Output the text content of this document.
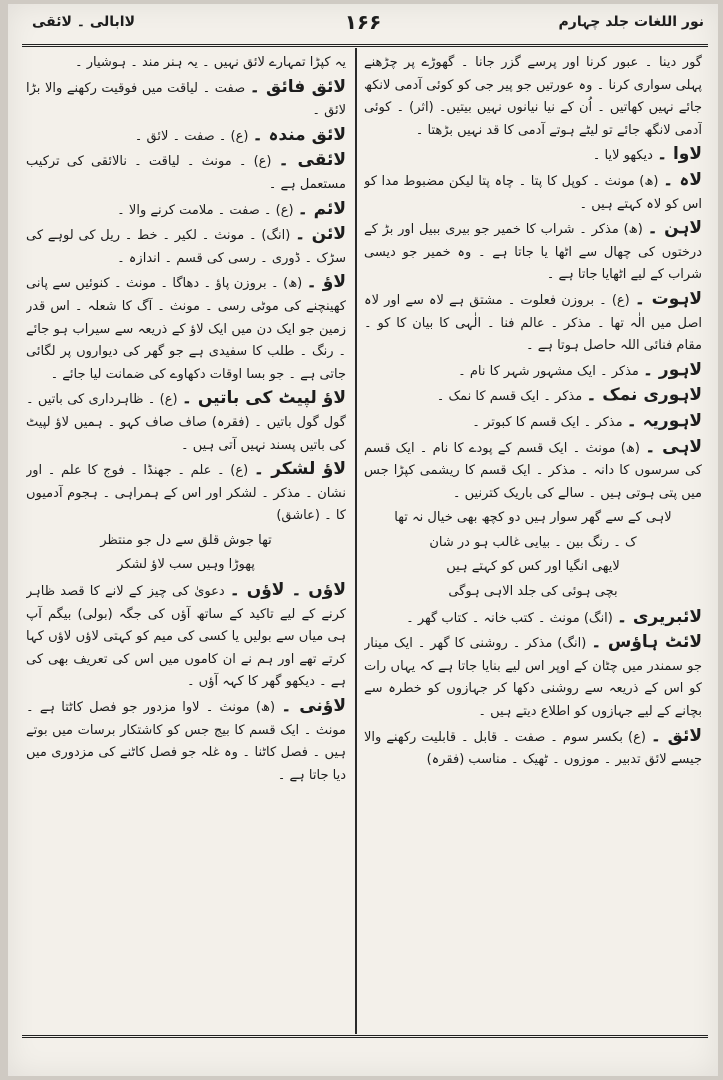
نور اللغات جلد چہارم
۱۶۶
لاابالی ۔ لائقی
گور دینا ۔ عبور کرنا اور پرسے گزر جانا ۔ گھوڑے پر چڑھنے پہلی سواری کرنا ۔ وہ عورتیں جو پیر جی کو کوئی آدمی لانکھ جائے نہیں کھاتیں ۔ اُن کے نیا نیانوں نہیں بیتیں۔ (اثر) ۔ کوئی آدمی لانگھ جائے تو لیٹے ہوتے آدمی کا قد نہیں بڑھتا ۔
لاوا ۔ دیکھو لایا ۔
لاہ ۔ (ھ) مونث ۔ کوپل کا پتا ۔ چاہ پتا لیکن مضبوط مدا کو اس کو لاہ کہتے ہیں ۔
لاہن ۔ (ھ) مذکر ۔ شراب کا خمیر جو بیری ببیل اور بڑ کے درختوں کی چھال سے اٹھا یا جاتا ہے ۔ وہ خمیر جو دیسی شراب کے لیے اٹھایا جاتا ہے ۔
لاہوت ۔ (ع) ۔ بروزن فعلوت ۔ مشتق ہے لاہ سے اور لاہ اصل میں الٰہ تھا ۔ مذکر ۔ عالم فنا ۔ الٰہی کا بیان کا کو ۔ مقام فنائی اللہ حاصل ہوتا ہے ۔
لاہور ۔ مذکر ۔ ایک مشہور شہر کا نام ۔
لاہوری نمک ۔ مذکر ۔ ایک قسم کا نمک ۔
لاہوریہ ۔ مذکر ۔ ایک قسم کا کبوتر ۔
لاہی ۔ (ھ) مونث ۔ ایک قسم کے پودے کا نام ۔ ایک قسم کی سرسوں کا دانہ ۔ مذکر ۔ ایک قسم کا ریشمی کپڑا جس میں پتی ہوتی ہیں ۔ سالے کی باریک کترنیں ۔
لاہی کے سے گھر سوار ہیں دو کچھ بھی خیال نہ تھا
ک ۔ رنگ بین ۔ بیایی غالب ہو در شان
لایھی انگیا اور کس کو کہتے ہیں
بچی ہوئی کی جلد الاہی ہوگی
لائبریری ۔ (انگ) مونث ۔ کتب خانہ ۔ کتاب گھر ۔
لائٹ ہاؤس ۔ (انگ) مذکر ۔ روشنی کا گھر ۔ ایک مینار جو سمندر میں چٹان کے اوپر اس لیے بنایا جاتا ہے کہ یہاں رات کو اس کے ذریعہ سے روشنی دکھا کر جہازوں کو خطرہ سے بچانے کے لیے جہازوں کو اطلاع دیتے ہیں ۔
لائق ۔ (ع) بکسر سوم ۔ صفت ۔ قابل ۔ قابلیت رکھنے والا جیسے لائق تدبیر ۔ موزوں ۔ ٹھیک ۔ مناسب (فقرہ)
یہ کپڑا تمہارے لائق نہیں ۔ یہ ہنر مند ۔ ہوشیار ۔
لائق فائق ۔ صفت ۔ لیاقت میں فوقیت رکھنے والا بڑا لائق ۔
لائق مندہ ۔ (ع) ۔ صفت ۔ لائق ۔
لائقی ۔ (ع) ۔ مونث ۔ لیاقت ۔ نالائقی کی ترکیب مستعمل ہے ۔
لائم ۔ (ع) ۔ صفت ۔ ملامت کرنے والا ۔
لائن ۔ (انگ) ۔ مونث ۔ لکیر ۔ خط ۔ ریل کی لوہے کی سڑک ۔ ڈوری ۔ رسی کی قسم ۔ اندازہ ۔
لاؤ ۔ (ھ) ۔ بروزن پاؤ ۔ دھاگا ۔ مونث ۔ کنوئیں سے پانی کھینچنے کی موٹی رسی ۔ مونث ۔ آگ کا شعلہ ۔ اس قدر زمین جو ایک دن میں ایک لاؤ کے ذریعہ سے سیراب ہو جائے ۔ رنگ ۔ طلب کا سفیدی ہے جو گھر کی دیواروں پر لگائی جاتی ہے ۔ جو بسا اوقات دکھاوے کی ضمانت لیا جائے ۔
لاؤ لپیٹ کی باتیں ۔ (ع) ۔ ظاہرداری کی باتیں ۔ گول گول باتیں ۔ (فقرہ) صاف صاف کہو ۔ ہمیں لاؤ لپیٹ کی باتیں پسند نہیں آتی ہیں ۔
لاؤ لشکر ۔ (ع) ۔ علم ۔ جھنڈا ۔ فوج کا علم ۔ اور نشان ۔ مذکر ۔ لشکر اور اس کے ہمراہی ۔ ہجوم آدمیوں کا ۔ (عاشق)
تھا جوش قلق سے دل جو منتظر
پھوڑا وہیں سب لاؤ لشکر
لاؤں ۔ لاؤں ۔ دعویٰ کی چیز کے لانے کا قصد ظاہر کرنے کے لیے تاکید کے ساتھ آؤں کی جگہ (بولی) بیگم آپ ہی میاں سے بولیں یا کسی کی میم کو کہتی لاؤں لاؤں کہا کرتے تھے اور ہم نے ان کاموں میں اس کی تعریف بھی کی ہے ۔ دیکھو گھر کا کہہ آؤں ۔
لاؤنی ۔ (ھ) مونث ۔ لاوا مزدور جو فصل کاٹتا ہے ۔ مونث ۔ ایک قسم کا بیج جس کو کاشتکار برسات میں بوتے ہیں ۔ فصل کاٹنا ۔ وہ غلہ جو فصل کاٹنے کی مزدوری میں دیا جاتا ہے ۔
